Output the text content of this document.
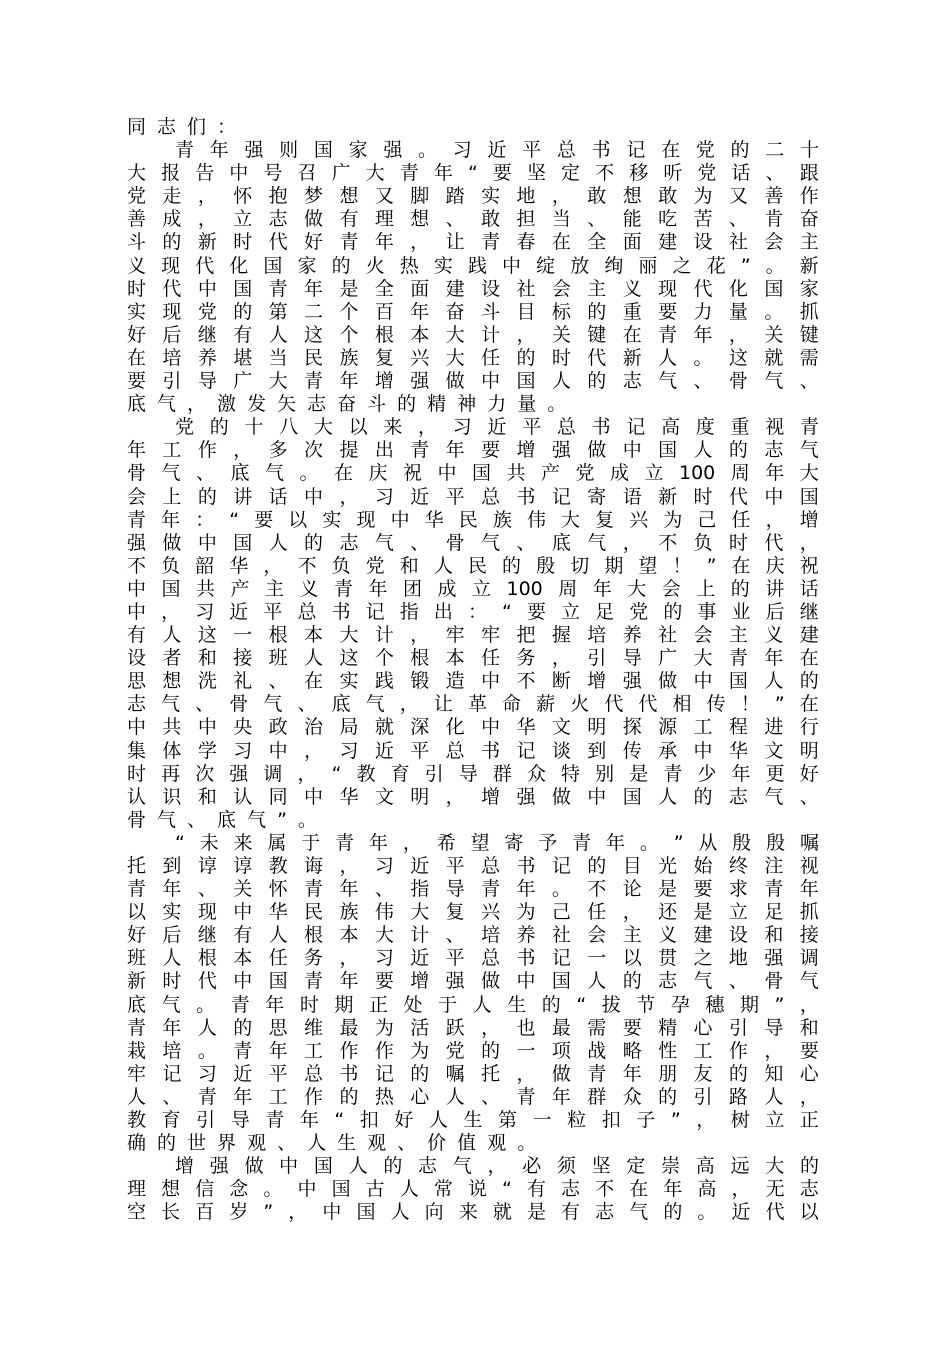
同 志 们 ：
青 年 强 则 国 家 强 。 习 近 平 总 书 记 在 党 的 二 十
大 报 告 中 号 召 广 大 青 年 “ 要 坚 定 不 移 听 党 话 、 跟
党 走 ， 怀 抱 梦 想 又 脚 踏 实 地 ， 敢 想 敢 为 又 善 作
善 成 ， 立 志 做 有 理 想 、 敢 担 当 、 能 吃 苦 、 肯 奋
斗 的 新 时 代 好 青 年 ， 让 青 春 在 全 面 建 设 社 会 主
义 现 代 化 国 家 的 火 热 实 践 中 绽 放 绚 丽 之 花 ” 。 新
时 代 中 国 青 年 是 全 面 建 设 社 会 主 义 现 代 化 国 家
实 现 党 的 第 二 个 百 年 奋 斗 目 标 的 重 要 力 量 。 抓
好 后 继 有 人 这 个 根 本 大 计 ， 关 键 在 青 年 ， 关 键
在 培 养 堪 当 民 族 复 兴 大 任 的 时 代 新 人 。 这 就 需
要 引 导 广 大 青 年 增 强 做 中 国 人 的 志 气 、 骨 气 、
底 气 ， 激 发 矢 志 奋 斗 的 精 神 力 量 。
党 的 十 八 大 以 来 ， 习 近 平 总 书 记 高 度 重 视 青
年 工 作 ， 多 次 提 出 青 年 要 增 强 做 中 国 人 的 志 气
骨 气 、 底 气 。 在 庆 祝 中 国 共 产 党 成 立 100 周 年 大
会 上 的 讲 话 中 ， 习 近 平 总 书 记 寄 语 新 时 代 中 国
青 年 ： “ 要 以 实 现 中 华 民 族 伟 大 复 兴 为 己 任 ， 增
强 做 中 国 人 的 志 气 、 骨 气 、 底 气 ， 不 负 时 代 ，
不 负 韶 华 ， 不 负 党 和 人 民 的 殷 切 期 望 ！ ” 在 庆 祝
中 国 共 产 主 义 青 年 团 成 立 100 周 年 大 会 上 的 讲 话
中 ， 习 近 平 总 书 记 指 出 ： “ 要 立 足 党 的 事 业 后 继
有 人 这 一 根 本 大 计 ， 牢 牢 把 握 培 养 社 会 主 义 建
设 者 和 接 班 人 这 个 根 本 任 务 ， 引 导 广 大 青 年 在
思 想 洗 礼 、 在 实 践 锻 造 中 不 断 增 强 做 中 国 人 的
志 气 、 骨 气 、 底 气 ， 让 革 命 薪 火 代 代 相 传 ！ ” 在
中 共 中 央 政 治 局 就 深 化 中 华 文 明 探 源 工 程 进 行
集 体 学 习 中 ， 习 近 平 总 书 记 谈 到 传 承 中 华 文 明
时 再 次 强 调 ， “ 教 育 引 导 群 众 特 别 是 青 少 年 更 好
认 识 和 认 同 中 华 文 明 ， 增 强 做 中 国 人 的 志 气 、
骨 气 、 底 气 ” 。
“ 未 来 属 于 青 年 ， 希 望 寄 予 青 年 。 ” 从 殷 殷 嘱
托 到 谆 谆 教 诲 ， 习 近 平 总 书 记 的 目 光 始 终 注 视
青 年 、 关 怀 青 年 、 指 导 青 年 。 不 论 是 要 求 青 年
以 实 现 中 华 民 族 伟 大 复 兴 为 己 任 ， 还 是 立 足 抓
好 后 继 有 人 根 本 大 计 、 培 养 社 会 主 义 建 设 和 接
班 人 根 本 任 务 ， 习 近 平 总 书 记 一 以 贯 之 地 强 调
新 时 代 中 国 青 年 要 增 强 做 中 国 人 的 志 气 、 骨 气
底 气 。 青 年 时 期 正 处 于 人 生 的 “ 拔 节 孕 穗 期 ” ，
青 年 人 的 思 维 最 为 活 跃 ， 也 最 需 要 精 心 引 导 和
栽 培 。 青 年 工 作 作 为 党 的 一 项 战 略 性 工 作 ， 要
牢 记 习 近 平 总 书 记 的 嘱 托 ， 做 青 年 朋 友 的 知 心
人 、 青 年 工 作 的 热 心 人 、 青 年 群 众 的 引 路 人 ，
教 育 引 导 青 年 “ 扣 好 人 生 第 一 粒 扣 子 ” ， 树 立 正
确 的 世 界 观 、 人 生 观 、 价 值 观 。
增 强 做 中 国 人 的 志 气 ， 必 须 坚 定 崇 高 远 大 的
理 想 信 念 。 中 国 古 人 常 说 “ 有 志 不 在 年 高 ， 无 志
空 长 百 岁 ” ， 中 国 人 向 来 就 是 有 志 气 的 。 近 代 以
